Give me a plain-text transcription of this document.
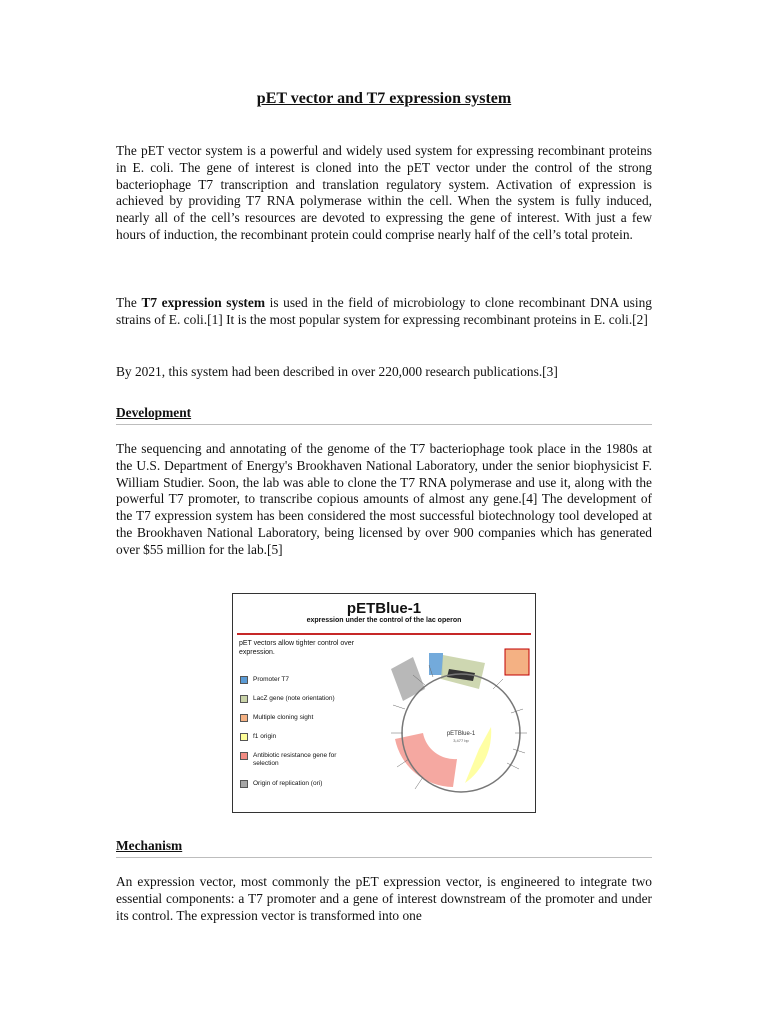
pET vector and T7 expression system

The pET vector system is a powerful and widely used system for expressing recombinant proteins in E. coli. The gene of interest is cloned into the pET vector under the control of the strong bacteriophage T7 transcription and translation regulatory system. Activation of expression is achieved by providing T7 RNA polymerase within the cell. When the system is fully induced, nearly all of the cell’s resources are devoted to expressing the gene of interest. With just a few hours of induction, the recombinant protein could comprise nearly half of the cell’s total protein.

The T7 expression system is used in the field of microbiology to clone recombinant DNA using strains of E. coli.[1] It is the most popular system for expressing recombinant proteins in E. coli.[2]

By 2021, this system had been described in over 220,000 research publications.[3]

Development

The sequencing and annotating of the genome of the T7 bacteriophage took place in the 1980s at the U.S. Department of Energy's Brookhaven National Laboratory, under the senior biophysicist F. William Studier. Soon, the lab was able to clone the T7 RNA polymerase and use it, along with the powerful T7 promoter, to transcribe copious amounts of almost any gene.[4] The development of the T7 expression system has been considered the most successful biotechnology tool developed at the Brookhaven National Laboratory, being licensed by over 900 companies which has generated over $55 million for the lab.[5]

Mechanism

An expression vector, most commonly the pET expression vector, is engineered to integrate two essential components: a T7 promoter and a gene of interest downstream of the promoter and under its control. The expression vector is transformed into one

pETBlue-1
expression under the control of the lac operon
pET vectors allow tighter control over expression.
Promoter T7
LacZ gene (note orientation)
Multiple cloning sight
f1 origin
Antibiotic resistance gene for selection
Origin of replication (ori)
pETBlue-1
3,477 bp
